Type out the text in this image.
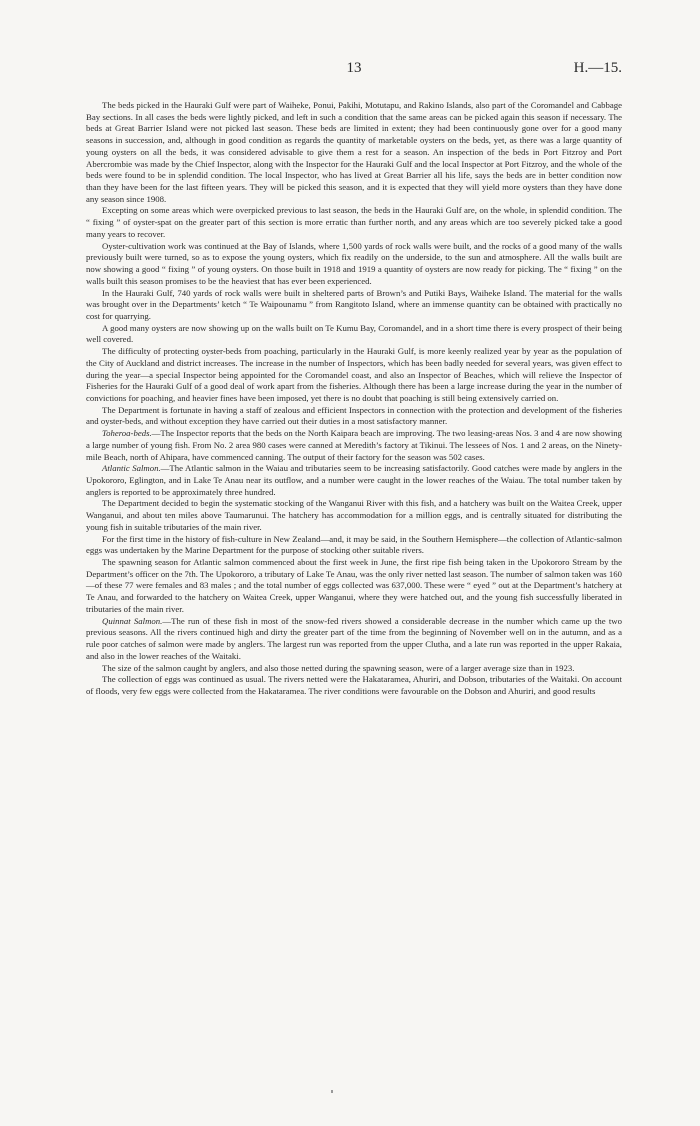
13	H.—15.

The beds picked in the Hauraki Gulf were part of Waiheke, Ponui, Pakihi, Motutapu, and Rakino Islands, also part of the Coromandel and Cabbage Bay sections. In all cases the beds were lightly picked, and left in such a condition that the same areas can be picked again this season if necessary. The beds at Great Barrier Island were not picked last season. These beds are limited in extent; they had been continuously gone over for a good many seasons in succession, and, although in good condition as regards the quantity of marketable oysters on the beds, yet, as there was a large quantity of young oysters on all the beds, it was considered advisable to give them a rest for a season. An inspection of the beds in Port Fitzroy and Port Abercrombie was made by the Chief Inspector, along with the Inspector for the Hauraki Gulf and the local Inspector at Port Fitzroy, and the whole of the beds were found to be in splendid condition. The local Inspector, who has lived at Great Barrier all his life, says the beds are in better condition now than they have been for the last fifteen years. They will be picked this season, and it is expected that they will yield more oysters than they have done any season since 1908.

Excepting on some areas which were overpicked previous to last season, the beds in the Hauraki Gulf are, on the whole, in splendid condition. The “ fixing ” of oyster-spat on the greater part of this section is more erratic than further north, and any areas which are too severely picked take a good many years to recover.

Oyster-cultivation work was continued at the Bay of Islands, where 1,500 yards of rock walls were built, and the rocks of a good many of the walls previously built were turned, so as to expose the young oysters, which fix readily on the underside, to the sun and atmosphere. All the walls built are now showing a good “ fixing ” of young oysters. On those built in 1918 and 1919 a quantity of oysters are now ready for picking. The “ fixing ” on the walls built this season promises to be the heaviest that has ever been experienced.

In the Hauraki Gulf, 740 yards of rock walls were built in sheltered parts of Brown’s and Putiki Bays, Waiheke Island. The material for the walls was brought over in the Departments’ ketch “ Te Waipounamu ” from Rangitoto Island, where an immense quantity can be obtained with practically no cost for quarrying.

A good many oysters are now showing up on the walls built on Te Kumu Bay, Coromandel, and in a short time there is every prospect of their being well covered.

The difficulty of protecting oyster-beds from poaching, particularly in the Hauraki Gulf, is more keenly realized year by year as the population of the City of Auckland and district increases. The increase in the number of Inspectors, which has been badly needed for several years, was given effect to during the year—a special Inspector being appointed for the Coromandel coast, and also an Inspector of Beaches, which will relieve the Inspector of Fisheries for the Hauraki Gulf of a good deal of work apart from the fisheries. Although there has been a large increase during the year in the number of convictions for poaching, and heavier fines have been imposed, yet there is no doubt that poaching is still being extensively carried on.

The Department is fortunate in having a staff of zealous and efficient Inspectors in connection with the protection and development of the fisheries and oyster-beds, and without exception they have carried out their duties in a most satisfactory manner.

Toheroa-beds.—The Inspector reports that the beds on the North Kaipara beach are improving. The two leasing-areas Nos. 3 and 4 are now showing a large number of young fish. From No. 2 area 980 cases were canned at Meredith’s factory at Tikinui. The lessees of Nos. 1 and 2 areas, on the Ninety-mile Beach, north of Ahipara, have commenced canning. The output of their factory for the season was 502 cases.

Atlantic Salmon.—The Atlantic salmon in the Waiau and tributaries seem to be increasing satisfactorily. Good catches were made by anglers in the Upokororo, Eglington, and in Lake Te Anau near its outflow, and a number were caught in the lower reaches of the Waiau. The total number taken by anglers is reported to be approximately three hundred.

The Department decided to begin the systematic stocking of the Wanganui River with this fish, and a hatchery was built on the Waitea Creek, upper Wanganui, and about ten miles above Taumarunui. The hatchery has accommodation for a million eggs, and is centrally situated for distributing the young fish in suitable tributaries of the main river.

For the first time in the history of fish-culture in New Zealand—and, it may be said, in the Southern Hemisphere—the collection of Atlantic-salmon eggs was undertaken by the Marine Department for the purpose of stocking other suitable rivers.

The spawning season for Atlantic salmon commenced about the first week in June, the first ripe fish being taken in the Upokororo Stream by the Department’s officer on the 7th. The Upokororo, a tributary of Lake Te Anau, was the only river netted last season. The number of salmon taken was 160—of these 77 were females and 83 males ; and the total number of eggs collected was 637,000. These were “ eyed ” out at the Department’s hatchery at Te Anau, and forwarded to the hatchery on Waitea Creek, upper Wanganui, where they were hatched out, and the young fish successfully liberated in tributaries of the main river.

Quinnat Salmon.—The run of these fish in most of the snow-fed rivers showed a considerable decrease in the number which came up the two previous seasons. All the rivers continued high and dirty the greater part of the time from the beginning of November well on in the autumn, and as a rule poor catches of salmon were made by anglers. The largest run was reported from the upper Clutha, and a late run was reported in the upper Rakaia, and also in the lower reaches of the Waitaki.

The size of the salmon caught by anglers, and also those netted during the spawning season, were of a larger average size than in 1923.

The collection of eggs was continued as usual. The rivers netted were the Hakataramea, Ahuriri, and Dobson, tributaries of the Waitaki. On account of floods, very few eggs were collected from the Hakataramea. The river conditions were favourable on the Dobson and Ahuriri, and good results
